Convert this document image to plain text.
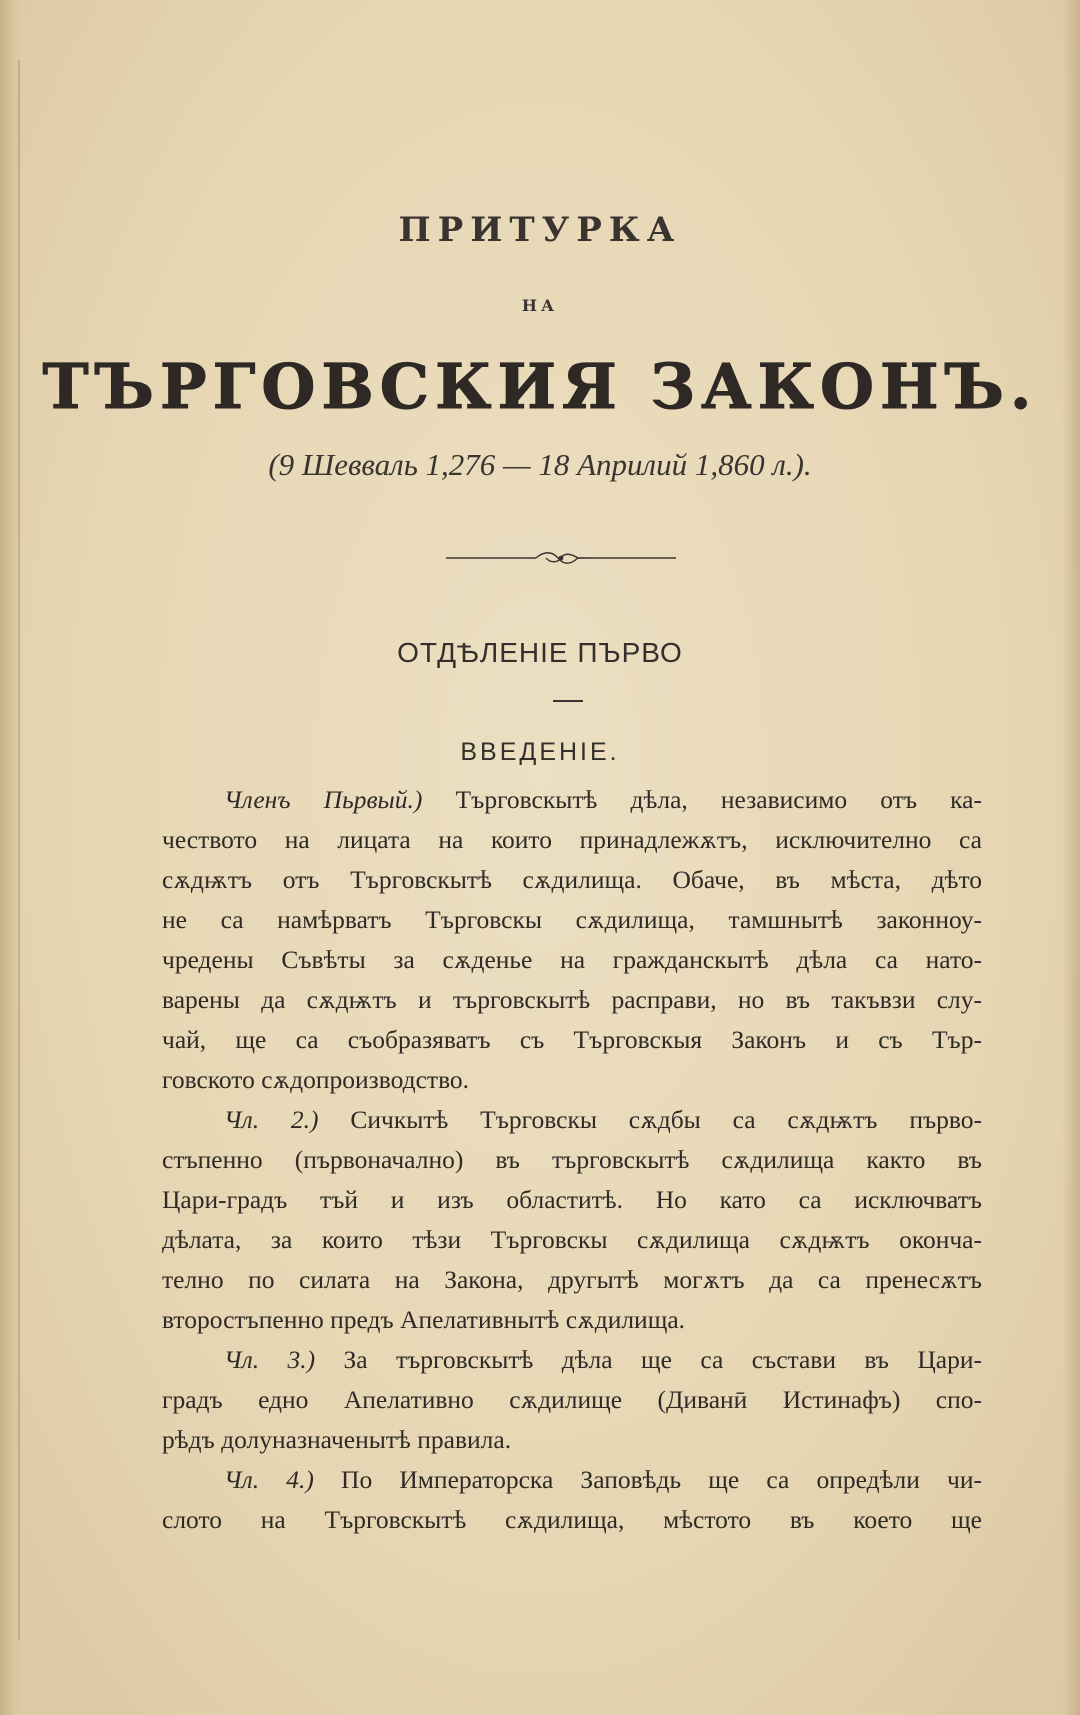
ПРИТУРКА
НА
ТЪРГОВСКИЯ ЗАКОНЪ.
(9 Шевваль 1,276 — 18 Априлий 1,860 л.).
ОТДѢЛЕНІЕ ПЪРВО
ВВЕДЕНІЕ.
Членъ Пьрвый.) Търговскытѣ дѣла, независимо отъ ка-
чеството на лицата на които принадлежѫтъ, исключително са
сѫдѭтъ отъ Търговскытѣ сѫдилища. Обаче, въ мѣста, дѣто
не са намѣрватъ Търговскы сѫдилища, тамшнытѣ законноу-
чредены Съвѣты за сѫденье на гражданскытѣ дѣла са нато-
варены да сѫдѭтъ и търговскытѣ расправи, но въ такъвзи слу-
чай, ще са съобразяватъ съ Търговскыя Законъ и съ Тър-
говското сѫдопроизводство.
Чл. 2.) Сичкытѣ Търговскы сѫдбы са сѫдѭтъ първо-
стъпенно (първоначално) въ търговскытѣ сѫдилища както въ
Цари-градъ тъй и изъ областитѣ. Но като са исключватъ
дѣлата, за които тѣзи Търговскы сѫдилища сѫдѭтъ оконча-
телно по силата на Закона, другытѣ могѫтъ да са пренесѫтъ
второстъпенно предъ Апелативнытѣ сѫдилища.
Чл. 3.) За търговскытѣ дѣла ще са състави въ Цари-
градъ едно Апелативно сѫдилище (Диванӣ Истинафъ) спо-
рѣдъ долуназначенытѣ правила.
Чл. 4.) По Императорска Заповѣдь ще са опредѣли чи-
слото на Търговскытѣ сѫдилища, мѣстото въ което ще
